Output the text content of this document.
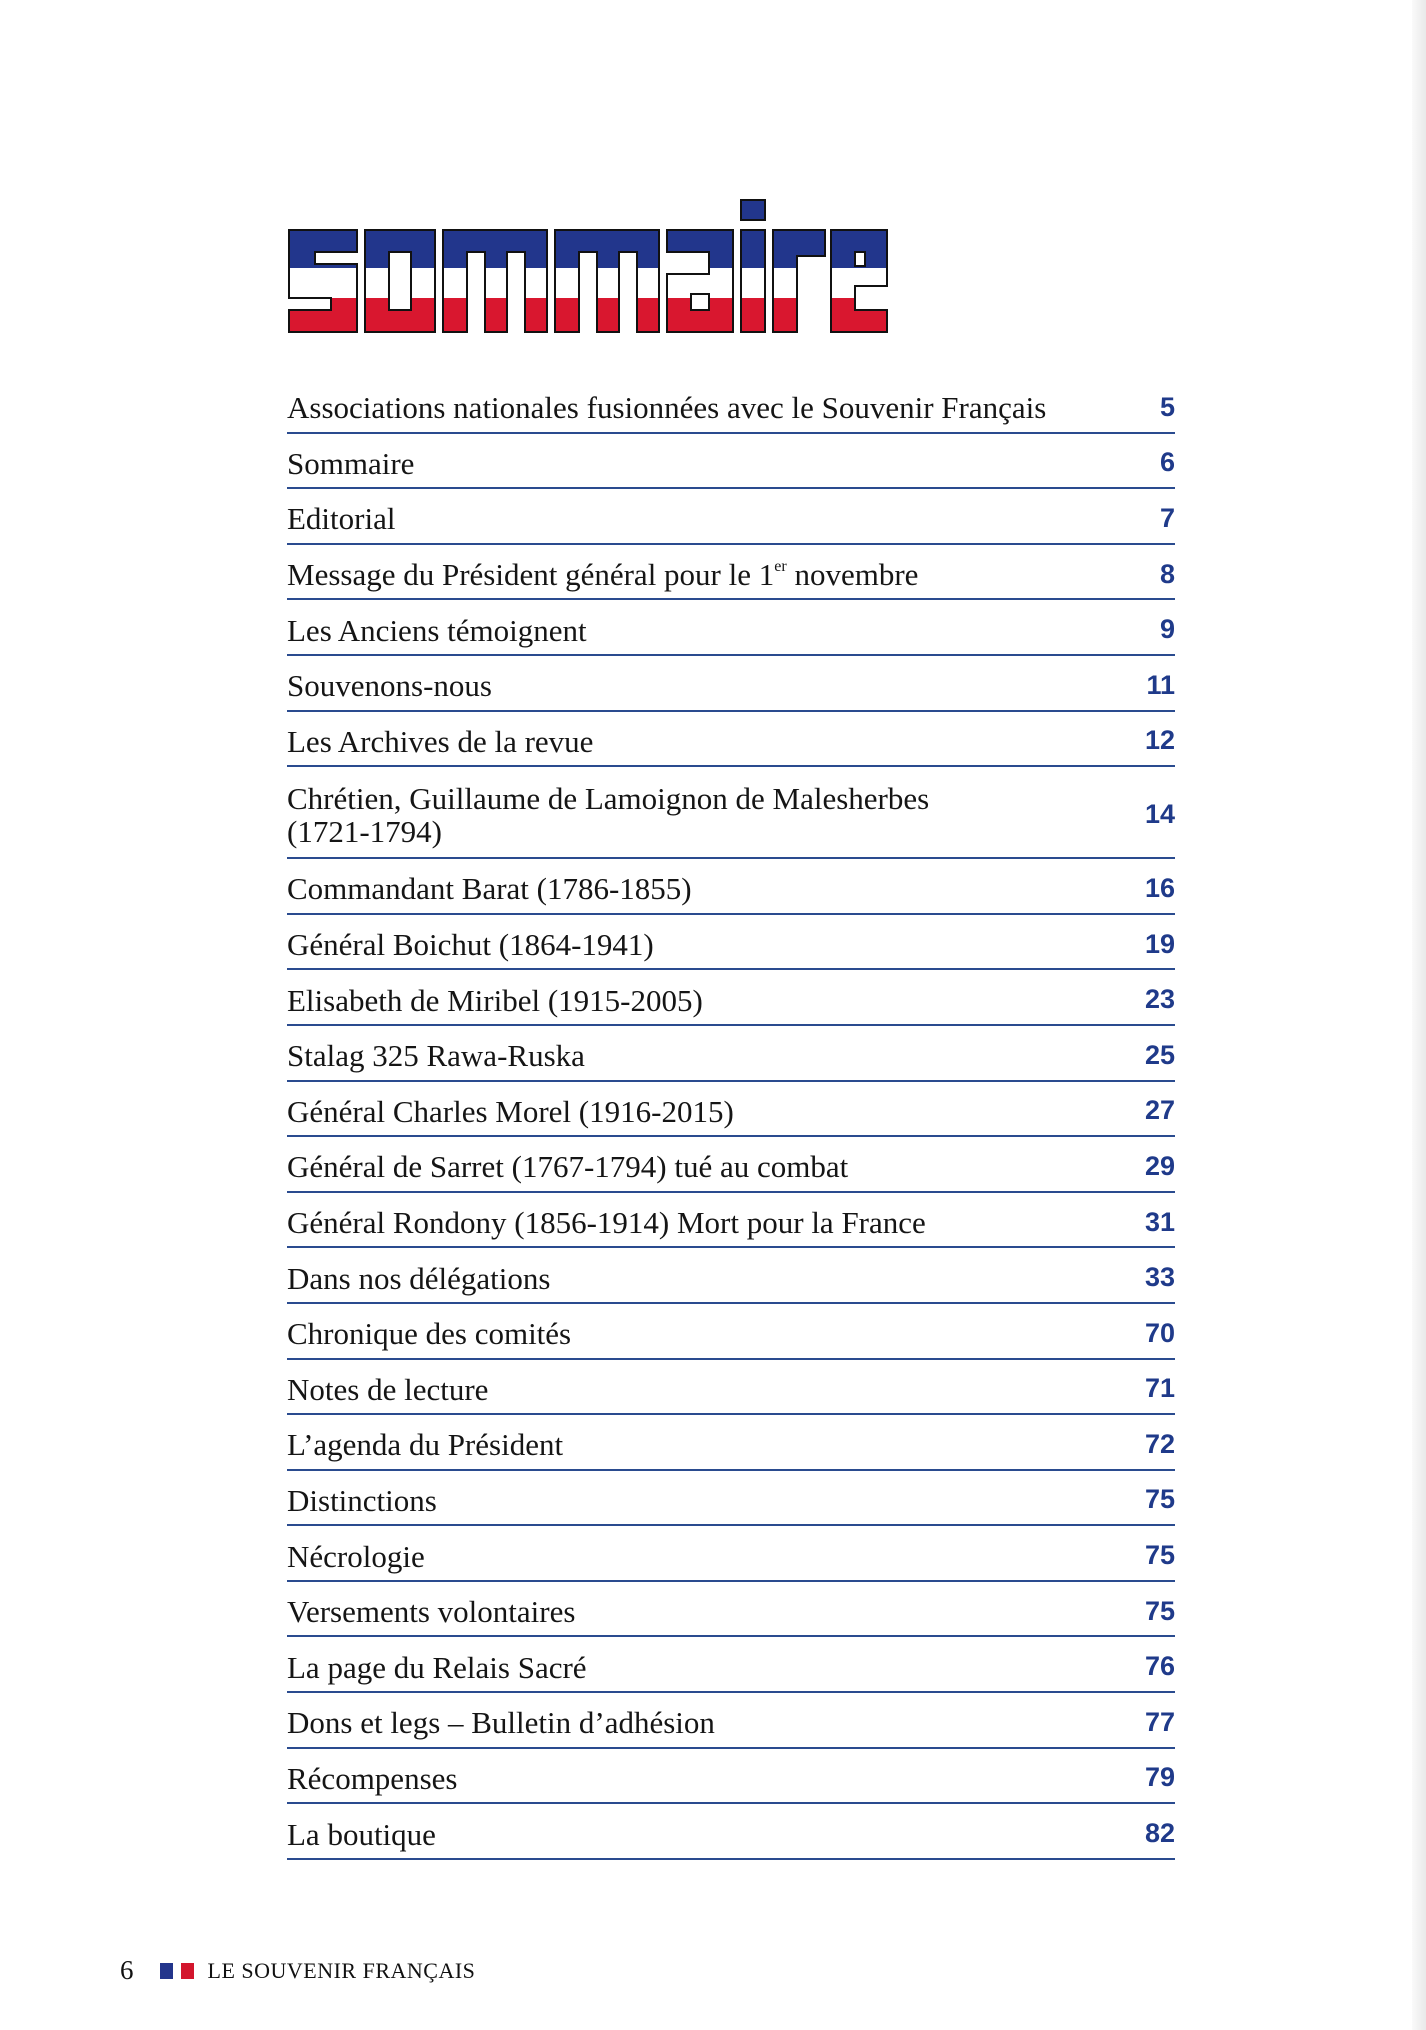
Associations nationales fusionnées avec le Souvenir Français	5
Sommaire	6
Editorial	7
Message du Président général pour le 1er novembre	8
Les Anciens témoignent	9
Souvenons-nous	11
Les Archives de la revue	12
Chrétien, Guillaume de Lamoignon de Malesherbes
(1721-1794)	14
Commandant Barat (1786-1855)	16
Général Boichut (1864-1941)	19
Elisabeth de Miribel (1915-2005)	23
Stalag 325 Rawa-Ruska	25
Général Charles Morel (1916-2015)	27
Général de Sarret (1767-1794) tué au combat	29
Général Rondony (1856-1914) Mort pour la France	31
Dans nos délégations	33
Chronique des comités	70
Notes de lecture	71
L’agenda du Président	72
Distinctions	75
Nécrologie	75
Versements volontaires	75
La page du Relais Sacré	76
Dons et legs – Bulletin d’adhésion	77
Récompenses	79
La boutique	82
6	LE SOUVENIR FRANÇAIS
